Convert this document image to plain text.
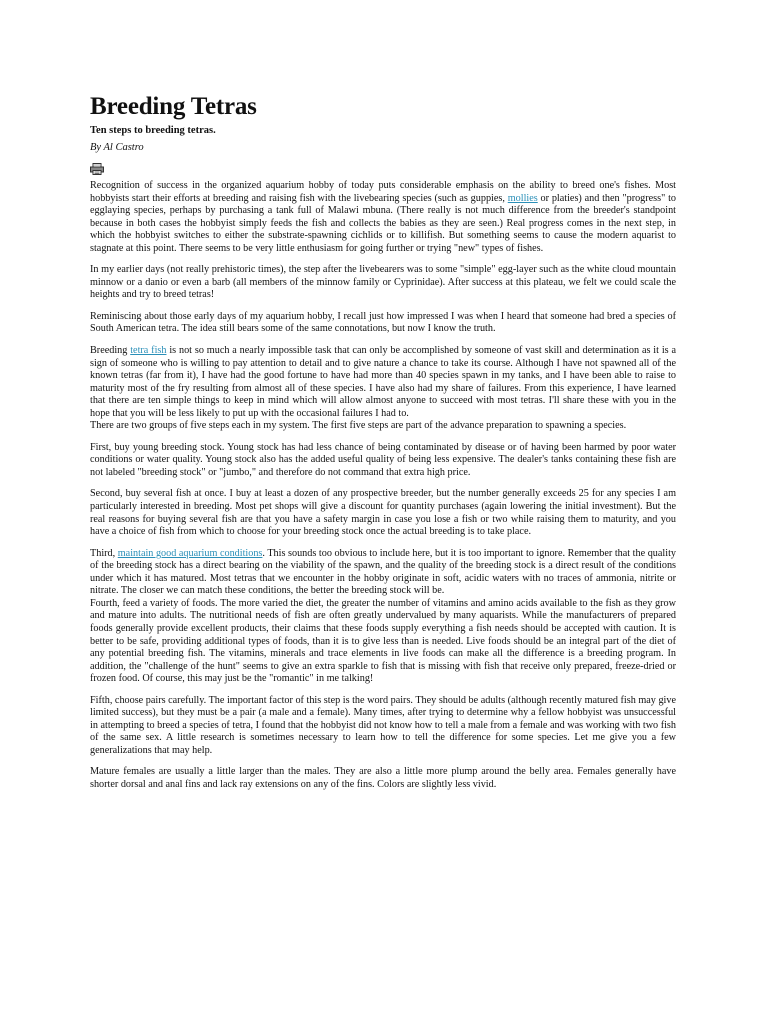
Breeding Tetras
Ten steps to breeding tetras.
By Al Castro

Recognition of success in the organized aquarium hobby of today puts considerable emphasis on the ability to breed one's fishes. Most hobbyists start their efforts at breeding and raising fish with the livebearing species (such as guppies, mollies or platies) and then "progress" to egglaying species, perhaps by purchasing a tank full of Malawi mbuna. (There really is not much difference from the breeder's standpoint because in both cases the hobbyist simply feeds the fish and collects the babies as they are seen.) Real progress comes in the next step, in which the hobbyist switches to either the substrate-spawning cichlids or to killifish. But something seems to cause the modern aquarist to stagnate at this point. There seems to be very little enthusiasm for going further or trying "new" types of fishes.

In my earlier days (not really prehistoric times), the step after the livebearers was to some "simple" egg-layer such as the white cloud mountain minnow or a danio or even a barb (all members of the minnow family or Cyprinidae). After success at this plateau, we felt we could scale the heights and try to breed tetras!

Reminiscing about those early days of my aquarium hobby, I recall just how impressed I was when I heard that someone had bred a species of South American tetra. The idea still bears some of the same connotations, but now I know the truth.

Breeding tetra fish is not so much a nearly impossible task that can only be accomplished by someone of vast skill and determination as it is a sign of someone who is willing to pay attention to detail and to give nature a chance to take its course. Although I have not spawned all of the known tetras (far from it), I have had the good fortune to have had more than 40 species spawn in my tanks, and I have been able to raise to maturity most of the fry resulting from almost all of these species. I have also had my share of failures. From this experience, I have learned that there are ten simple things to keep in mind which will allow almost anyone to succeed with most tetras. I'll share these with you in the hope that you will be less likely to put up with the occasional failures I had to.

There are two groups of five steps each in my system. The first five steps are part of the advance preparation to spawning a species.

First, buy young breeding stock. Young stock has had less chance of being contaminated by disease or of having been harmed by poor water conditions or water quality. Young stock also has the added useful quality of being less expensive. The dealer's tanks containing these fish are not labeled "breeding stock" or "jumbo," and therefore do not command that extra high price.

Second, buy several fish at once. I buy at least a dozen of any prospective breeder, but the number generally exceeds 25 for any species I am particularly interested in breeding. Most pet shops will give a discount for quantity purchases (again lowering the initial investment). But the real reasons for buying several fish are that you have a safety margin in case you lose a fish or two while raising them to maturity, and you have a choice of fish from which to choose for your breeding stock once the actual breeding is to take place.

Third, maintain good aquarium conditions. This sounds too obvious to include here, but it is too important to ignore. Remember that the quality of the breeding stock has a direct bearing on the viability of the spawn, and the quality of the breeding stock is a direct result of the conditions under which it has matured. Most tetras that we encounter in the hobby originate in soft, acidic waters with no traces of ammonia, nitrite or nitrate. The closer we can match these conditions, the better the breeding stock will be.

Fourth, feed a variety of foods. The more varied the diet, the greater the number of vitamins and amino acids available to the fish as they grow and mature into adults. The nutritional needs of fish are often greatly undervalued by many aquarists. While the manufacturers of prepared foods generally provide excellent products, their claims that these foods supply everything a fish needs should be accepted with caution. It is better to be safe, providing additional types of foods, than it is to give less than is needed. Live foods should be an integral part of the diet of any potential breeding fish. The vitamins, minerals and trace elements in live foods can make all the difference is a breeding program. In addition, the "challenge of the hunt" seems to give an extra sparkle to fish that is missing with fish that receive only prepared, freeze-dried or frozen food. Of course, this may just be the "romantic" in me talking!

Fifth, choose pairs carefully. The important factor of this step is the word pairs. They should be adults (although recently matured fish may give limited success), but they must be a pair (a male and a female). Many times, after trying to determine why a fellow hobbyist was unsuccessful in attempting to breed a species of tetra, I found that the hobbyist did not know how to tell a male from a female and was working with two fish of the same sex. A little research is sometimes necessary to learn how to tell the difference for some species. Let me give you a few generalizations that may help.

Mature females are usually a little larger than the males. They are also a little more plump around the belly area. Females generally have shorter dorsal and anal fins and lack ray extensions on any of the fins. Colors are slightly less vivid.
